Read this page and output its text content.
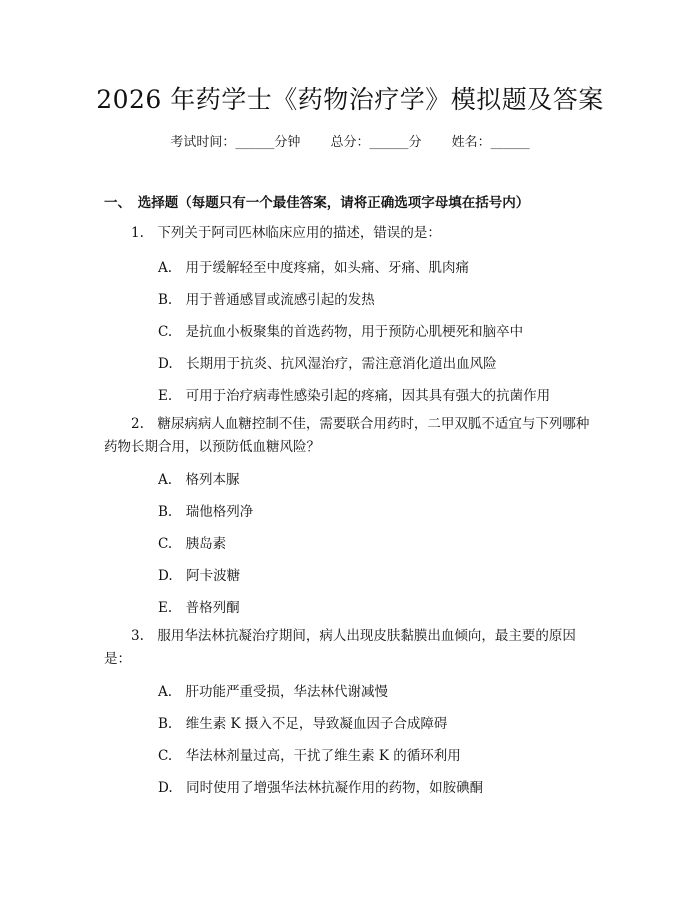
2026 年药学士《药物治疗学》模拟题及答案
考试时间：______分钟 总分：______分 姓名：______
一、　选择题（每题只有一个最佳答案，请将正确选项字母填在括号内）
1.　下列关于阿司匹林临床应用的描述，错误的是：
A.　用于缓解轻至中度疼痛，如头痛、牙痛、肌肉痛
B.　用于普通感冒或流感引起的发热
C.　是抗血小板聚集的首选药物，用于预防心肌梗死和脑卒中
D.　长期用于抗炎、抗风湿治疗，需注意消化道出血风险
E.　可用于治疗病毒性感染引起的疼痛，因其具有强大的抗菌作用
2.　糖尿病病人血糖控制不佳，需要联合用药时，二甲双胍不适宜与下列哪种
药物长期合用，以预防低血糖风险？
A.　格列本脲
B.　瑞他格列净
C.　胰岛素
D.　阿卡波糖
E.　普格列酮
3.　服用华法林抗凝治疗期间，病人出现皮肤黏膜出血倾向，最主要的原因
是：
A.　肝功能严重受损，华法林代谢减慢
B.　维生素 K 摄入不足，导致凝血因子合成障碍
C.　华法林剂量过高，干扰了维生素 K 的循环利用
D.　同时使用了增强华法林抗凝作用的药物，如胺碘酮
